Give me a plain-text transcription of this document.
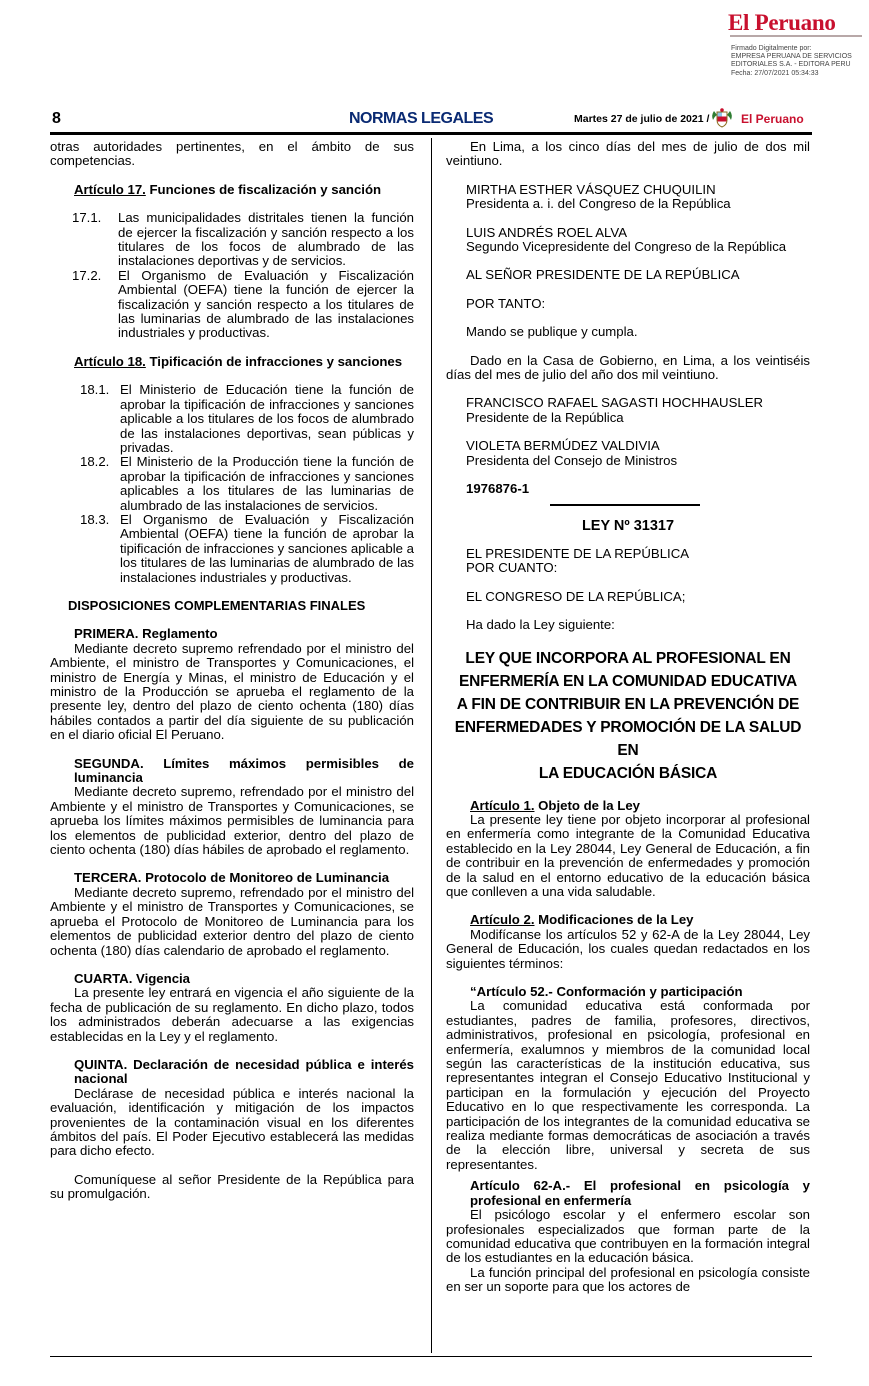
El Peruano
Firmado Digitalmente por:
EMPRESA PERUANA DE SERVICIOS
EDITORIALES S.A. - EDITORA PERU
Fecha: 27/07/2021 05:34:33
8	NORMAS LEGALES	Martes 27 de julio de 2021 /	El Peruano

otras autoridades pertinentes, en el ámbito de sus competencias.

Artículo 17. Funciones de fiscalización y sanción

17.1.	Las municipalidades distritales tienen la función de ejercer la fiscalización y sanción respecto a los titulares de los focos de alumbrado de las instalaciones deportivas y de servicios.
17.2.	El Organismo de Evaluación y Fiscalización Ambiental (OEFA) tiene la función de ejercer la fiscalización y sanción respecto a los titulares de las luminarias de alumbrado de las instalaciones industriales y productivas.

Artículo 18. Tipificación de infracciones y sanciones

18.1. El Ministerio de Educación tiene la función de aprobar la tipificación de infracciones y sanciones aplicable a los titulares de los focos de alumbrado de las instalaciones deportivas, sean públicas y privadas.
18.2. El Ministerio de la Producción tiene la función de aprobar la tipificación de infracciones y sanciones aplicables a los titulares de las luminarias de alumbrado de las instalaciones de servicios.
18.3. El Organismo de Evaluación y Fiscalización Ambiental (OEFA) tiene la función de aprobar la tipificación de infracciones y sanciones aplicable a los titulares de las luminarias de alumbrado de las instalaciones industriales y productivas.

DISPOSICIONES COMPLEMENTARIAS FINALES

PRIMERA. Reglamento

Mediante decreto supremo refrendado por el ministro del Ambiente, el ministro de Transportes y Comunicaciones, el ministro de Energía y Minas, el ministro de Educación y el ministro de la Producción se aprueba el reglamento de la presente ley, dentro del plazo de ciento ochenta (180) días hábiles contados a partir del día siguiente de su publicación en el diario oficial El Peruano.

SEGUNDA. Límites máximos permisibles de luminancia

Mediante decreto supremo, refrendado por el ministro del Ambiente y el ministro de Transportes y Comunicaciones, se aprueba los límites máximos permisibles de luminancia para los elementos de publicidad exterior, dentro del plazo de ciento ochenta (180) días hábiles de aprobado el reglamento.

TERCERA. Protocolo de Monitoreo de Luminancia

Mediante decreto supremo, refrendado por el ministro del Ambiente y el ministro de Transportes y Comunicaciones, se aprueba el Protocolo de Monitoreo de Luminancia para los elementos de publicidad exterior dentro del plazo de ciento ochenta (180) días calendario de aprobado el reglamento.

CUARTA. Vigencia

La presente ley entrará en vigencia el año siguiente de la fecha de publicación de su reglamento. En dicho plazo, todos los administrados deberán adecuarse a las exigencias establecidas en la Ley y el reglamento.

QUINTA. Declaración de necesidad pública e interés nacional

Declárase de necesidad pública e interés nacional la evaluación, identificación y mitigación de los impactos provenientes de la contaminación visual en los diferentes ámbitos del país. El Poder Ejecutivo establecerá las medidas para dicho efecto.

Comuníquese al señor Presidente de la República para su promulgación.

En Lima, a los cinco días del mes de julio de dos mil veintiuno.

MIRTHA ESTHER VÁSQUEZ CHUQUILIN

Presidenta a. i. del Congreso de la República

LUIS ANDRÉS ROEL ALVA

Segundo Vicepresidente del Congreso de la República

AL SEÑOR PRESIDENTE DE LA REPÚBLICA

POR TANTO:

Mando se publique y cumpla.

Dado en la Casa de Gobierno, en Lima, a los veintiséis días del mes de julio del año dos mil veintiuno.

FRANCISCO RAFAEL SAGASTI HOCHHAUSLER

Presidente de la República

VIOLETA BERMÚDEZ VALDIVIA

Presidenta del Consejo de Ministros

1976876-1

LEY Nº 31317

EL PRESIDENTE DE LA REPÚBLICA

POR CUANTO:

EL CONGRESO DE LA REPÚBLICA;

Ha dado la Ley siguiente:

LEY QUE INCORPORA AL PROFESIONAL EN

ENFERMERÍA EN LA COMUNIDAD EDUCATIVA

A FIN DE CONTRIBUIR EN LA PREVENCIÓN DE

ENFERMEDADES Y PROMOCIÓN DE LA SALUD EN

LA EDUCACIÓN BÁSICA

Artículo 1. Objeto de la Ley

La presente ley tiene por objeto incorporar al profesional en enfermería como integrante de la Comunidad Educativa establecido en la Ley 28044, Ley General de Educación, a fin de contribuir en la prevención de enfermedades y promoción de la salud en el entorno educativo de la educación básica que conlleven a una vida saludable.

Artículo 2. Modificaciones de la Ley

Modifícanse los artículos 52 y 62-A de la Ley 28044, Ley General de Educación, los cuales quedan redactados en los siguientes términos:

“Artículo 52.- Conformación y participación

La comunidad educativa está conformada por estudiantes, padres de familia, profesores, directivos, administrativos, profesional en psicología, profesional en enfermería, exalumnos y miembros de la comunidad local según las características de la institución educativa, sus representantes integran el Consejo Educativo Institucional y participan en la formulación y ejecución del Proyecto Educativo en lo que respectivamente les corresponda. La participación de los integrantes de la comunidad educativa se realiza mediante formas democráticas de asociación a través de la elección libre, universal y secreta de sus representantes.

Artículo 62-A.- El profesional en psicología y profesional en enfermería

El psicólogo escolar y el enfermero escolar son profesionales especializados que forman parte de la comunidad educativa que contribuyen en la formación integral de los estudiantes en la educación básica.

La función principal del profesional en psicología consiste en ser un soporte para que los actores de
